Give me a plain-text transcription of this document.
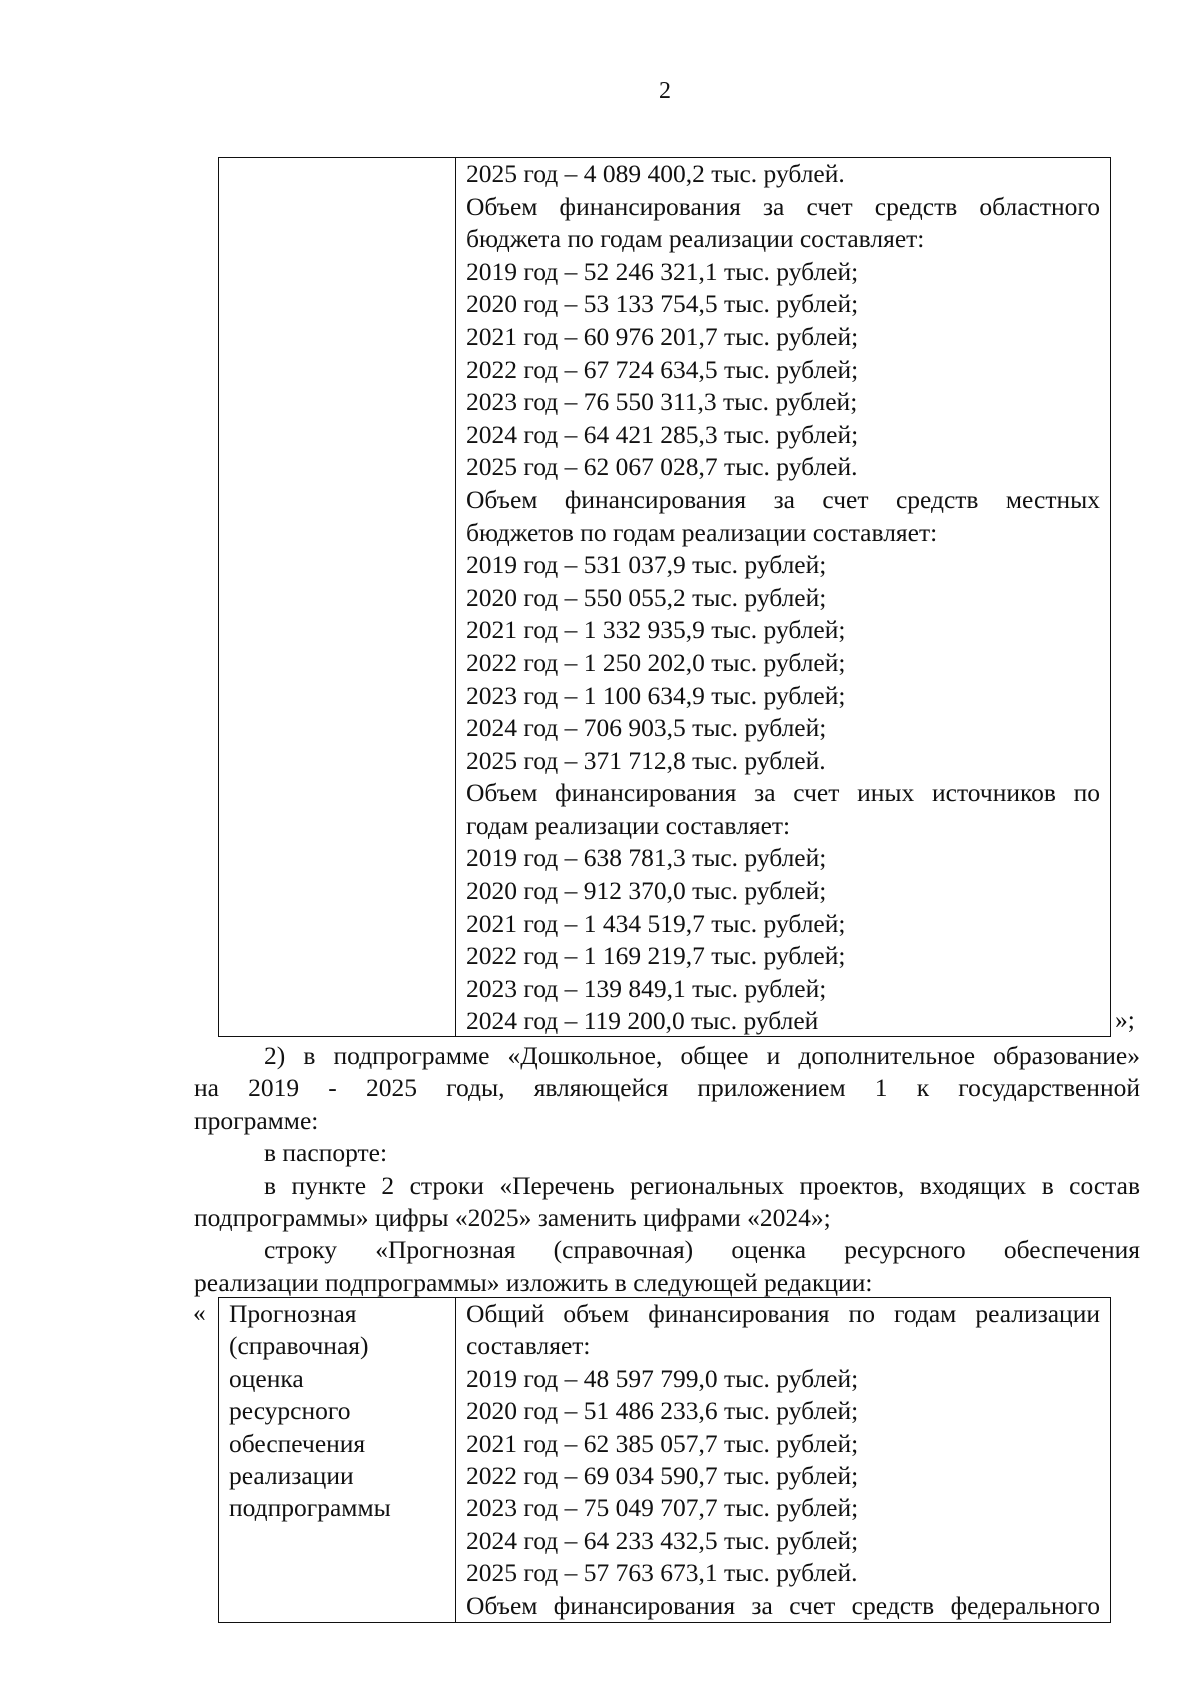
2
2025 год – 4 089 400,2 тыс. рублей.
Объем финансирования за счет средств областного
бюджета по годам реализации составляет:
2019 год – 52 246 321,1 тыс. рублей;
2020 год – 53 133 754,5 тыс. рублей;
2021 год – 60 976 201,7 тыс. рублей;
2022 год – 67 724 634,5 тыс. рублей;
2023 год – 76 550 311,3 тыс. рублей;
2024 год – 64 421 285,3 тыс. рублей;
2025 год – 62 067 028,7 тыс. рублей.
Объем финансирования за счет средств местных
бюджетов по годам реализации составляет:
2019 год – 531 037,9 тыс. рублей;
2020 год – 550 055,2 тыс. рублей;
2021 год – 1 332 935,9 тыс. рублей;
2022 год – 1 250 202,0 тыс. рублей;
2023 год – 1 100 634,9 тыс. рублей;
2024 год – 706 903,5 тыс. рублей;
2025 год – 371 712,8 тыс. рублей.
Объем финансирования за счет иных источников по
годам реализации составляет:
2019 год – 638 781,3 тыс. рублей;
2020 год – 912 370,0 тыс. рублей;
2021 год – 1 434 519,7 тыс. рублей;
2022 год – 1 169 219,7 тыс. рублей;
2023 год – 139 849,1 тыс. рублей;
2024 год – 119 200,0 тыс. рублей	»;
2) в подпрограмме «Дошкольное, общее и дополнительное образование»
на 2019 - 2025 годы, являющейся приложением 1 к государственной
программе:
в паспорте:
в пункте 2 строки «Перечень региональных проектов, входящих в состав
подпрограммы» цифры «2025» заменить цифрами «2024»;
строку «Прогнозная (справочная) оценка ресурсного обеспечения
реализации подпрограммы» изложить в следующей редакции:
« Прогнозная
(справочная)
оценка
ресурсного
обеспечения
реализации
подпрограммы
Общий объем финансирования по годам реализации
составляет:
2019 год – 48 597 799,0 тыс. рублей;
2020 год – 51 486 233,6 тыс. рублей;
2021 год – 62 385 057,7 тыс. рублей;
2022 год – 69 034 590,7 тыс. рублей;
2023 год – 75 049 707,7 тыс. рублей;
2024 год – 64 233 432,5 тыс. рублей;
2025 год – 57 763 673,1 тыс. рублей.
Объем финансирования за счет средств федерального
